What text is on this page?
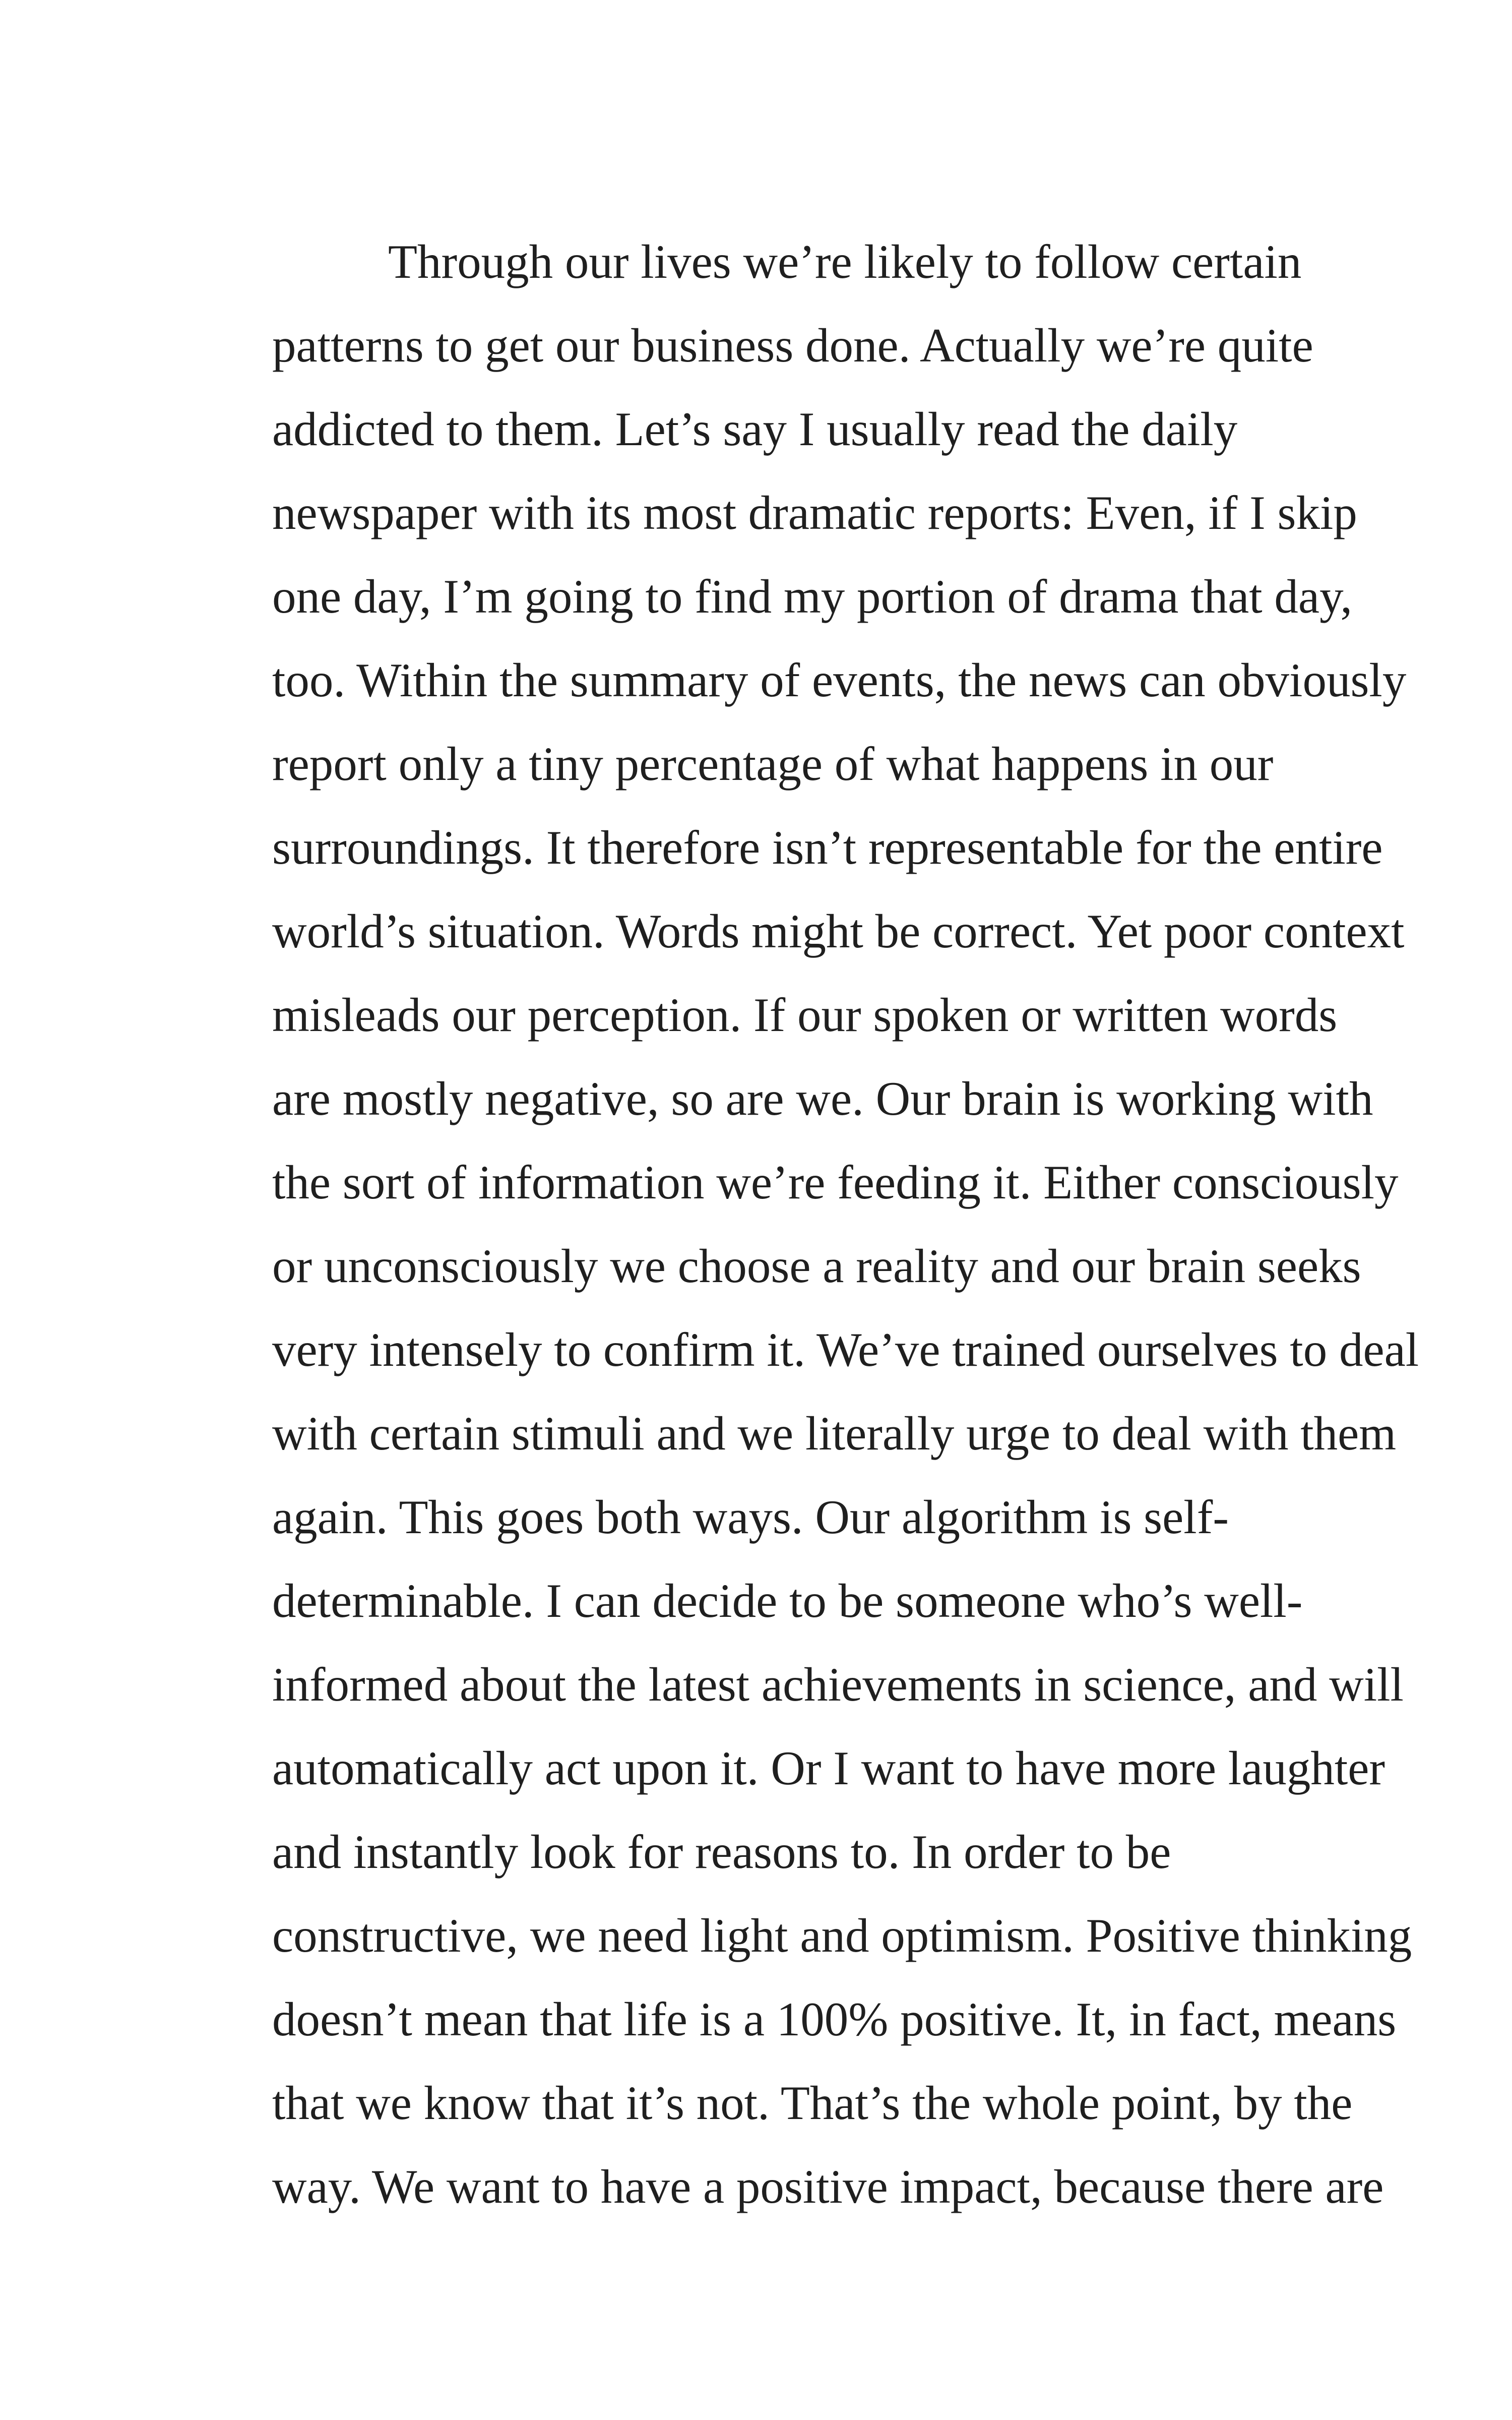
Through our lives we’re likely to follow certain
patterns to get our business done. Actually we’re quite
addicted to them. Let’s say I usually read the daily
newspaper with its most dramatic reports: Even, if I skip
one day, I’m going to find my portion of drama that day,
too. Within the summary of events, the news can obviously
report only a tiny percentage of what happens in our
surroundings. It therefore isn’t representable for the entire
world’s situation. Words might be correct. Yet poor context
misleads our perception. If our spoken or written words
are mostly negative, so are we. Our brain is working with
the sort of information we’re feeding it. Either consciously
or unconsciously we choose a reality and our brain seeks
very intensely to confirm it. We’ve trained ourselves to deal
with certain stimuli and we literally urge to deal with them
again. This goes both ways. Our algorithm is self-
determinable. I can decide to be someone who’s well-
informed about the latest achievements in science, and will
automatically act upon it. Or I want to have more laughter
and instantly look for reasons to. In order to be
constructive, we need light and optimism. Positive thinking
doesn’t mean that life is a 100% positive. It, in fact, means
that we know that it’s not. That’s the whole point, by the
way. We want to have a positive impact, because there are
